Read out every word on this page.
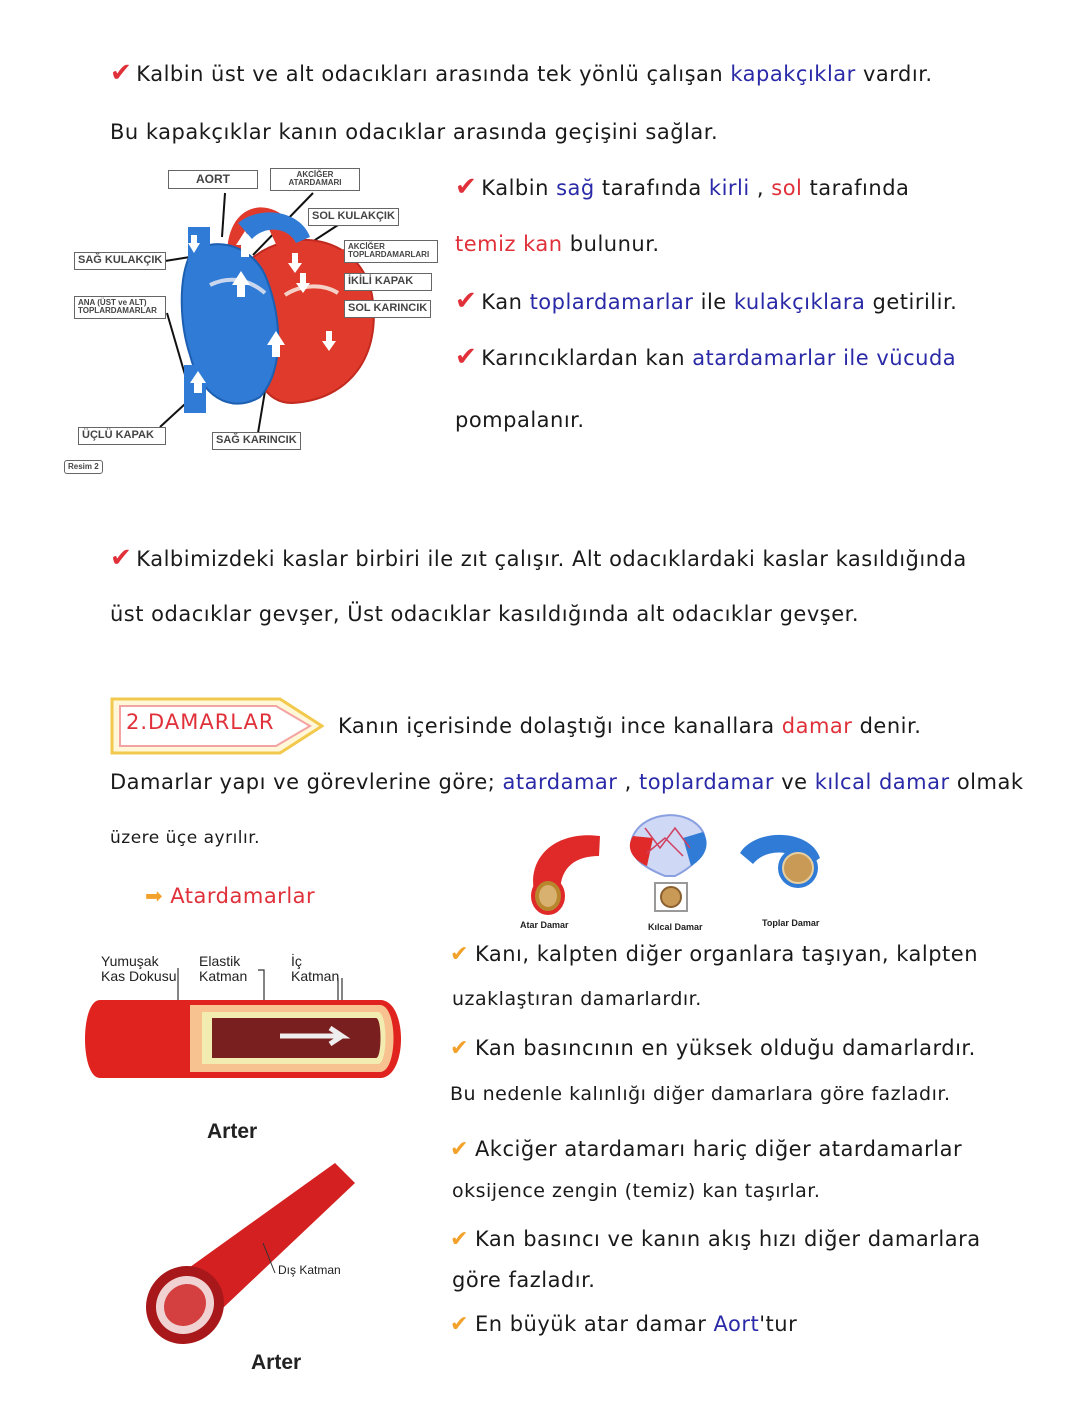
✔ Kalbin üst ve alt odacıkları arasında tek yönlü çalışan kapakçıklar vardır.
Bu kapakçıklar kanın odacıklar arasında geçişini sağlar.
AORT	AKCİĞER ATARDAMARI
SOL KULAKÇIK
AKCİĞER TOPLARDAMARLARI
İKİLİ KAPAK
SOL KARINCIK
SAĞ KULAKÇIK
ANA (ÜST ve ALT) TOPLARDAMARLAR
ÜÇLÜ KAPAK	SAĞ KARINCIK
Resim 2
✔ Kalbin sağ tarafında kirli , sol tarafında
temiz kan bulunur.
✔ Kan toplardamarlar ile kulakçıklara getirilir.
✔ Karıncıklardan kan atardamarlar ile vücuda
pompalanır.
✔ Kalbimizdeki kaslar birbiri ile zıt çalışır. Alt odacıklardaki kaslar kasıldığında
üst odacıklar gevşer, Üst odacıklar kasıldığında alt odacıklar gevşer.
2.DAMARLAR	Kanın içerisinde dolaştığı ince kanallara damar denir.
Damarlar yapı ve görevlerine göre; atardamar , toplardamar ve kılcal damar olmak
üzere üçe ayrılır.
Atar Damar	Kılcal Damar	Toplar Damar
➡ Atardamarlar
Yumuşak Kas Dokusu
Elastik Katman
İç Katman
Arter
Dış Katman
Arter
✔ Kanı, kalpten diğer organlara taşıyan, kalpten
uzaklaştıran damarlardır.
✔ Kan basıncının en yüksek olduğu damarlardır.
Bu nedenle kalınlığı diğer damarlara göre fazladır.
✔ Akciğer atardamarı hariç diğer atardamarlar
oksijence zengin (temiz) kan taşırlar.
✔ Kan basıncı ve kanın akış hızı diğer damarlara
göre fazladır.
✔ En büyük atar damar Aort'tur
